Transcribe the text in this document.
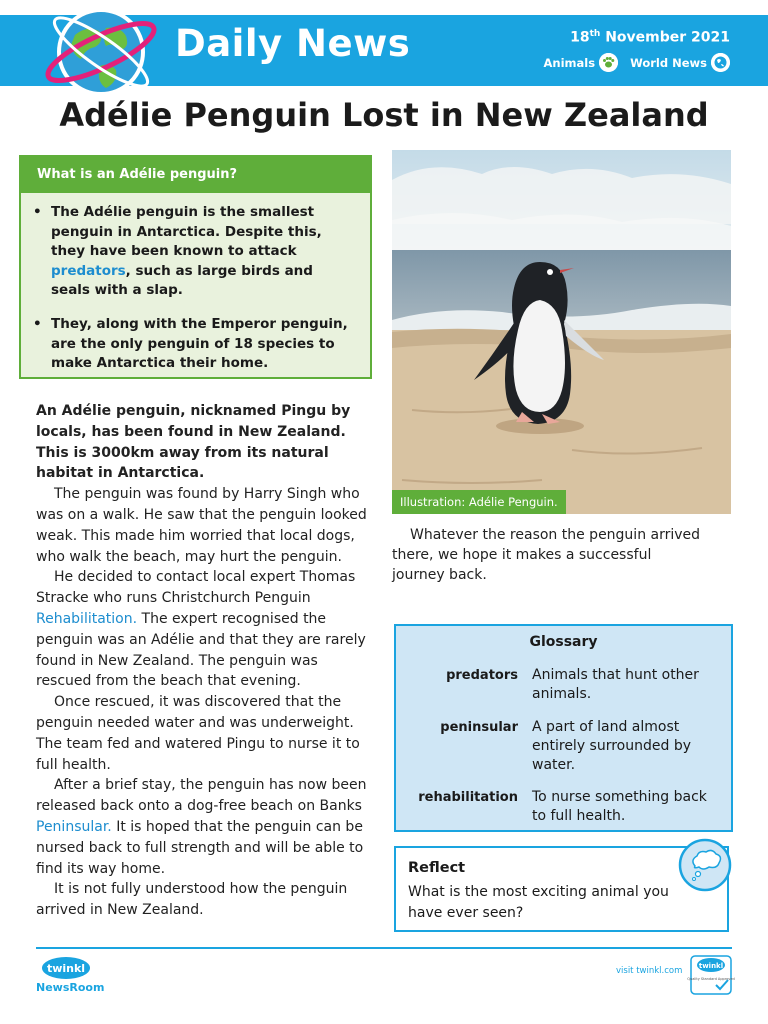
Daily News	18th November 2021
Animals	World News
Adélie Penguin Lost in New Zealand
What is an Adélie penguin?
• The Adélie penguin is the smallest penguin in Antarctica. Despite this, they have been known to attack predators, such as large birds and seals with a slap.
• They, along with the Emperor penguin, are the only penguin of 18 species to make Antarctica their home.

An Adélie penguin, nicknamed Pingu by locals, has been found in New Zealand. This is 3000km away from its natural habitat in Antarctica.

The penguin was found by Harry Singh who was on a walk. He saw that the penguin looked weak. This made him worried that local dogs, who walk the beach, may hurt the penguin.

He decided to contact local expert Thomas Stracke who runs Christchurch Penguin Rehabilitation. The expert recognised the penguin was an Adélie and that they are rarely found in New Zealand. The penguin was rescued from the beach that evening.

Once rescued, it was discovered that the penguin needed water and was underweight. The team fed and watered Pingu to nurse it to full health.

After a brief stay, the penguin has now been released back onto a dog-free beach on Banks Peninsular. It is hoped that the penguin can be nursed back to full strength and will be able to find its way home.

It is not fully understood how the penguin arrived in New Zealand.

Illustration: Adélie Penguin.
Whatever the reason the penguin arrived there, we hope it makes a successful journey back.
Glossary
predators Animals that hunt other animals.
peninsular A part of land almost entirely surrounded by water.
rehabilitation To nurse something back to full health.
Reflect
What is the most exciting animal you have ever seen?
twinkl
NewsRoom
visit twinkl.com twinkl
Quality Standard Approved
